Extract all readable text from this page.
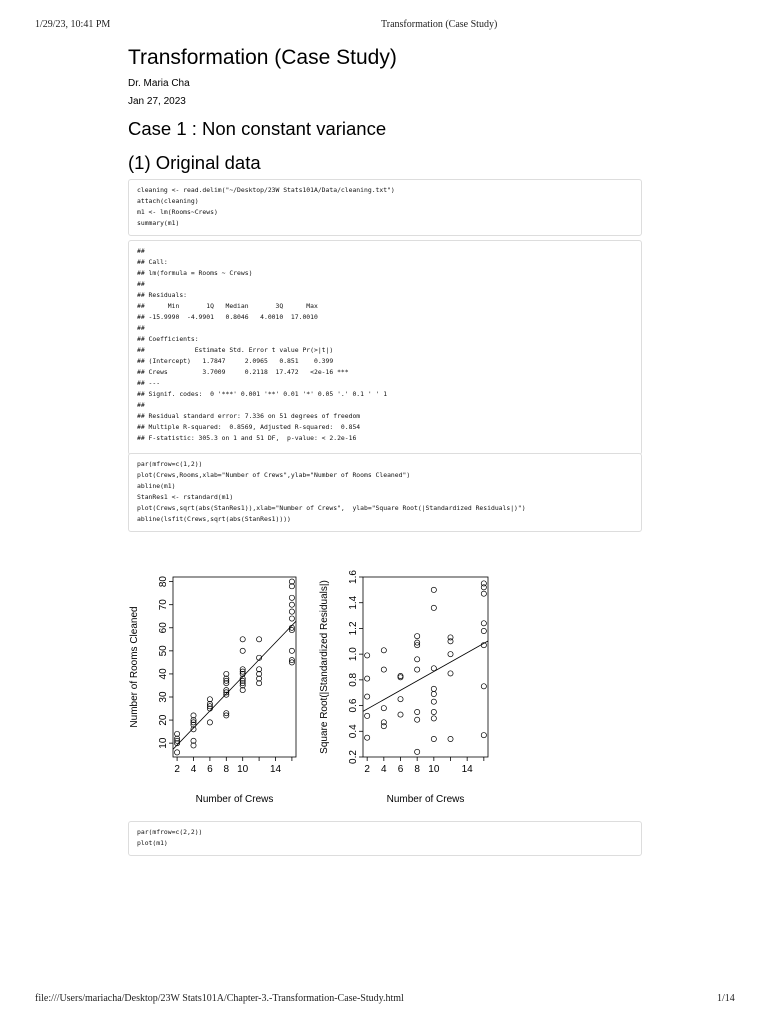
1/29/23, 10:41 PM	Transformation (Case Study)
Transformation (Case Study)
Dr. Maria Cha
Jan 27, 2023
Case 1 : Non constant variance
(1) Original data
cleaning <- read.delim("~/Desktop/23W Stats101A/Data/cleaning.txt")
attach(cleaning)
m1 <- lm(Rooms~Crews)
summary(m1)
##
## Call:
## lm(formula = Rooms ~ Crews)
##
## Residuals:
##      Min       1Q   Median       3Q      Max
## -15.9990  -4.9901   0.8046   4.0010  17.0010
##
## Coefficients:
##             Estimate Std. Error t value Pr(>|t|)
## (Intercept)   1.7847     2.0965   0.851    0.399
## Crews         3.7009     0.2118  17.472   <2e-16 ***
## ---
## Signif. codes:  0 '***' 0.001 '**' 0.01 '*' 0.05 '.' 0.1 ' ' 1
##
## Residual standard error: 7.336 on 51 degrees of freedom
## Multiple R-squared:  0.8569, Adjusted R-squared:  0.854
## F-statistic: 305.3 on 1 and 51 DF,  p-value: < 2.2e-16
par(mfrow=c(1,2))
plot(Crews,Rooms,xlab="Number of Crews",ylab="Number of Rooms Cleaned")
abline(m1)
StanRes1 <- rstandard(m1)
plot(Crews,sqrt(abs(StanRes1)),xlab="Number of Crews",  ylab="Square Root(|Standardized Residuals|)")
abline(lsfit(Crews,sqrt(abs(StanRes1))))
2 4 6 8 10 14
10
20
30
40
50
60
70
80
Number of Crews
Number of Rooms Cleaned
2 4 6 8 10 14
0.2
0.4
0.6
0.8
1.0
1.2
1.4
1.6
Number of Crews
Square Root(|Standardized Residuals|)
par(mfrow=c(2,2))
plot(m1)
file:///Users/mariacha/Desktop/23W Stats101A/Chapter-3.-Transformation-Case-Study.html	1/14
